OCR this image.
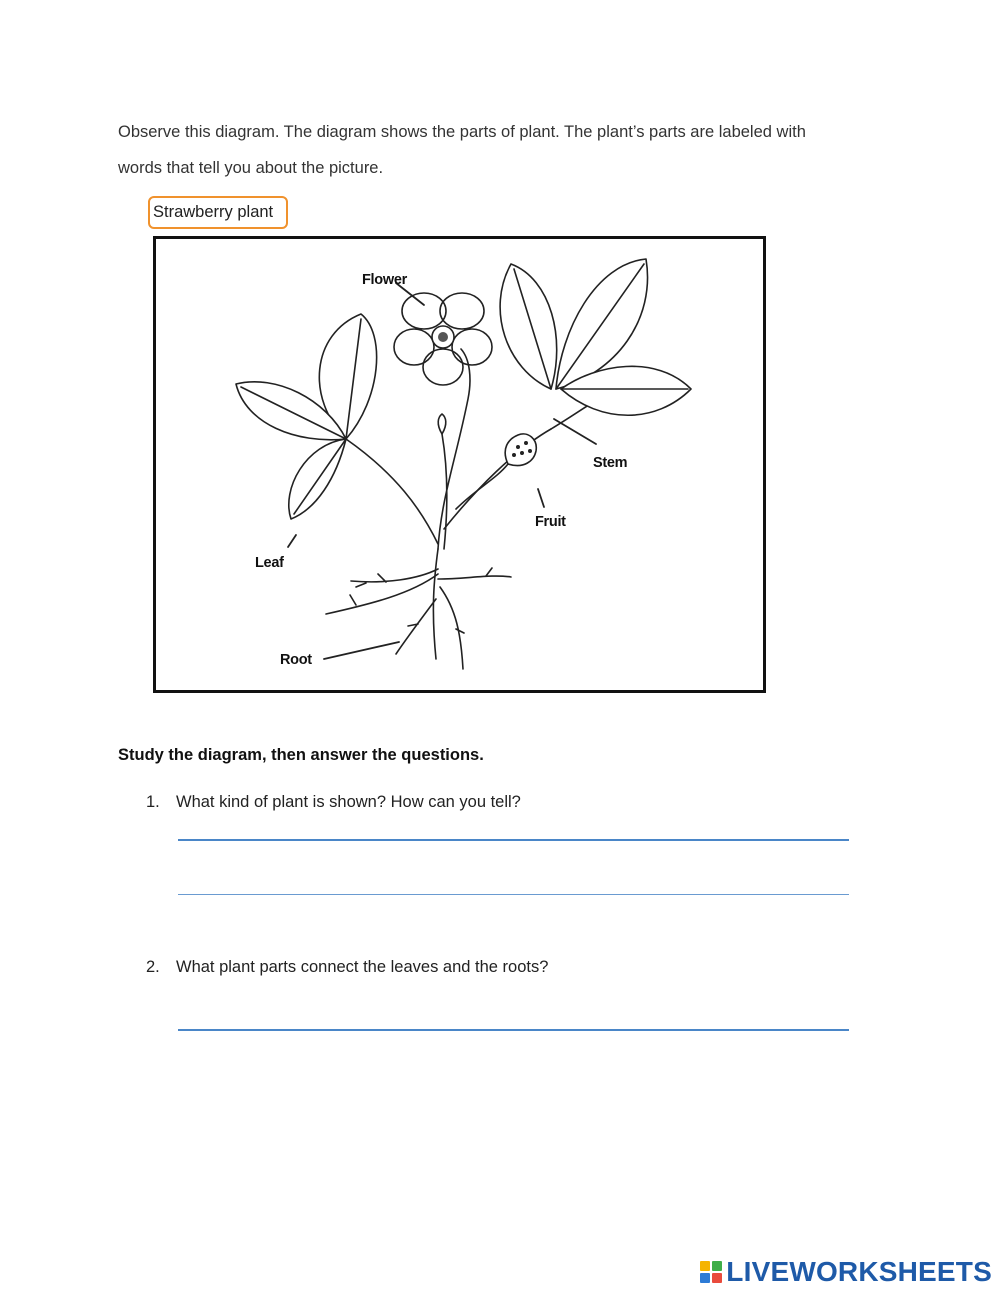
Observe this diagram. The diagram shows the parts of plant. The plant’s parts are labeled with
words that tell you about the picture.
Strawberry plant
Flower
Stem
Fruit
Leaf
Root
Study the diagram, then answer the questions.
1. What kind of plant is shown? How can you tell?
2. What plant parts connect the leaves and the roots?
LIVEWORKSHEETS
